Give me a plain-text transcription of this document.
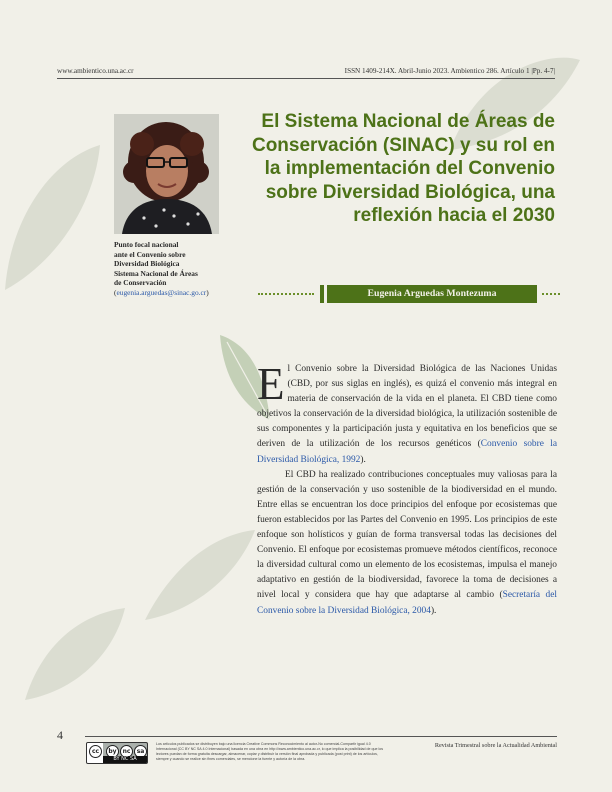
www.ambientico.una.ac.cr	ISSN 1409-214X. Abril-Junio 2023. Ambientico 286. Artículo 1 |Pp. 4-7|
Punto focal nacional
ante el Convenio sobre
Diversidad Biológica
Sistema Nacional de Áreas
de Conservación
(eugenia.arguedas@sinac.go.cr)
El Sistema Nacional de Áreas de Conservación (SINAC) y su rol en la implementación del Convenio sobre Diversidad Biológica, una reflexión hacia el 2030
Eugenia Arguedas Montezuma

El Convenio sobre la Diversidad Biológica de las Naciones Unidas (CBD, por sus siglas en inglés), es quizá el convenio más integral en materia de conservación de la vida en el planeta. El CBD tiene como objetivos la conservación de la diversidad biológica, la utilización sostenible de sus componentes y la participación justa y equitativa en los beneficios que se deriven de la utilización de los recursos genéticos (Convenio sobre la Diversidad Biológica, 1992).

El CBD ha realizado contribuciones conceptuales muy valiosas para la gestión de la conservación y uso sostenible de la biodiversidad en el mundo. Entre ellas se encuentran los doce principios del enfoque por ecosistemas que fueron establecidos por las Partes del Convenio en 1995. Los principios de este enfoque son holísticos y guían de forma transversal todas las decisiones del Convenio. El enfoque por ecosistemas promueve métodos científicos, reconoce la diversidad cultural como un elemento de los ecosistemas, impulsa el manejo adaptativo en gestión de la biodiversidad, favorece la toma de decisiones a nivel local y considera que hay que adaptarse al cambio (Secretaría del Convenio sobre la Diversidad Biológica, 2004).

4
cc	by nc	sa
BY NC SA
Los artículos publicados se distribuyen bajo una licencia Creative Commons Reconocimiento al autor-No comercial-Compartir igual 4.0 Internacional (CC BY NC SA 4.0 Internacional) basada en una obra en http://www.ambientico.una.ac.cr, lo que implica la posibilidad de que los lectores puedan de forma gratuita descargar, almacenar, copiar y distribuir la versión final aprobada y publicada (post print) de los artículos, siempre y cuando se realice sin fines comerciales, se mencione la fuente y autoría de la obra.
Revista Trimestral sobre la Actualidad Ambiental
